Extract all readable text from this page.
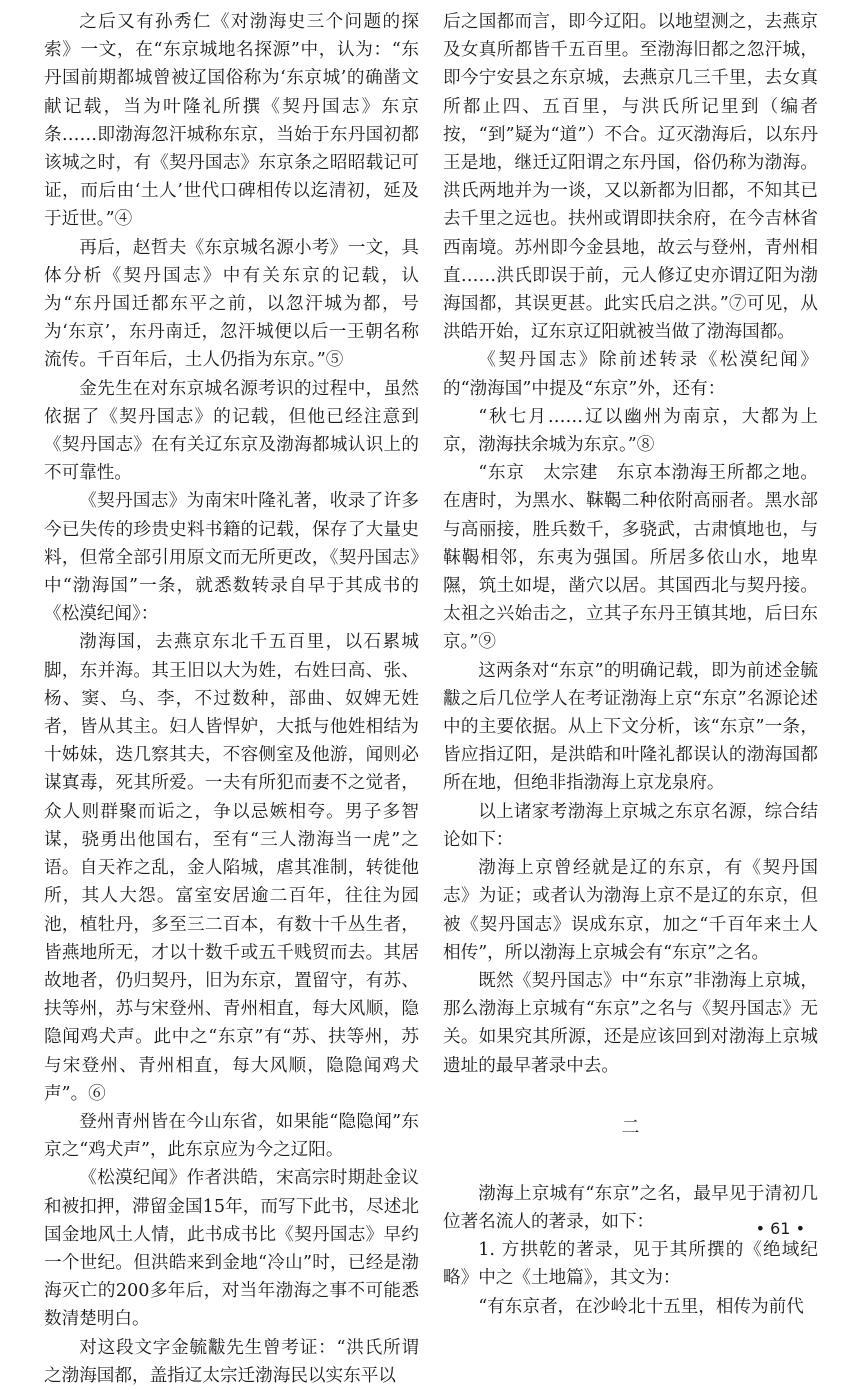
之后又有孙秀仁《对渤海史三个问题的探索》一文，在“东京城地名探源”中，认为：“东丹国前期都城曾被辽国俗称为‘东京城’的确凿文献记载，当为叶隆礼所撰《契丹国志》东京条……即渤海忽汗城称东京，当始于东丹国初都该城之时，有《契丹国志》东京条之昭昭载记可证，而后由‘土人’世代口碑相传以迄清初，延及于近世。”④

再后，赵哲夫《东京城名源小考》一文，具体分析《契丹国志》中有关东京的记载，认为“东丹国迁都东平之前，以忽汗城为都，号为‘东京’，东丹南迁，忽汗城便以后一王朝名称流传。千百年后，土人仍指为东京。”⑤

金先生在对东京城名源考识的过程中，虽然依据了《契丹国志》的记载，但他已经注意到《契丹国志》在有关辽东京及渤海都城认识上的不可靠性。

《契丹国志》为南宋叶隆礼著，收录了许多今已失传的珍贵史料书籍的记载，保存了大量史料，但常全部引用原文而无所更改，《契丹国志》中“渤海国”一条，就悉数转录自早于其成书的《松漠纪闻》：

渤海国，去燕京东北千五百里，以石累城脚，东并海。其王旧以大为姓，右姓曰高、张、杨、窦、乌、李，不过数种，部曲、奴婢无姓者，皆从其主。妇人皆悍妒，大抵与他姓相结为十姊妹，迭几察其夫，不容侧室及他游，闻则必谋寘毒，死其所爱。一夫有所犯而妻不之觉者，众人则群聚而诟之，争以忌嫉相夸。男子多智谋，骁勇出他国右，至有“三人渤海当一虎”之语。自天祚之乱，金人陷城，虐其准制，转徙他所，其人大怨。富室安居逾二百年，往往为园池，植牡丹，多至三二百本，有数十千丛生者，皆燕地所无，才以十数千或五千贱贸而去。其居故地者，仍归契丹，旧为东京，置留守，有苏、扶等州，苏与宋登州、青州相直，每大风顺，隐隐闻鸡犬声。此中之“东京”有“苏、扶等州，苏与宋登州、青州相直，每大风顺，隐隐闻鸡犬声”。⑥

登州青州皆在今山东省，如果能“隐隐闻”东京之“鸡犬声”，此东京应为今之辽阳。

《松漠纪闻》作者洪皓，宋高宗时期赴金议和被扣押，滞留金国15年，而写下此书，尽述北国金地风土人情，此书成书比《契丹国志》早约一个世纪。但洪皓来到金地“冷山”时，已经是渤海灭亡的200多年后，对当年渤海之事不可能悉数清楚明白。

对这段文字金毓黻先生曾考证：“洪氏所谓之渤海国都，盖指辽太宗迁渤海民以实东平以

后之国都而言，即今辽阳。以地望测之，去燕京及女真所都皆千五百里。至渤海旧都之忽汗城，即今宁安县之东京城，去燕京几三千里，去女真所都止四、五百里，与洪氏所记里到（编者按，“到”疑为“道”）不合。辽灭渤海后，以东丹王是地，继迁辽阳谓之东丹国，俗仍称为渤海。洪氏两地并为一谈，又以新都为旧都，不知其已去千里之远也。扶州或谓即扶余府，在今吉林省西南境。苏州即今金县地，故云与登州，青州相直……洪氏即误于前，元人修辽史亦谓辽阳为渤海国都，其误更甚。此实氏启之洪。”⑦可见，从洪皓开始，辽东京辽阳就被当做了渤海国都。

《契丹国志》除前述转录《松漠纪闻》的“渤海国”中提及“东京”外，还有：

“秋七月……辽以幽州为南京，大都为上京，渤海扶余城为东京。”⑧

“东京　太宗建　东京本渤海王所都之地。在唐时，为黑水、靺鞨二种依附高丽者。黑水部与高丽接，胜兵数千，多骁武，古肃慎地也，与靺鞨相邻，东夷为强国。所居多依山水，地卑隰，筑土如堤，凿穴以居。其国西北与契丹接。太祖之兴始击之，立其子东丹王镇其地，后曰东京。”⑨

这两条对“东京”的明确记载，即为前述金毓黻之后几位学人在考证渤海上京“东京”名源论述中的主要依据。从上下文分析，该“东京”一条，皆应指辽阳，是洪皓和叶隆礼都误认的渤海国都所在地，但绝非指渤海上京龙泉府。

以上诸家考渤海上京城之东京名源，综合结论如下：

渤海上京曾经就是辽的东京，有《契丹国志》为证；或者认为渤海上京不是辽的东京，但被《契丹国志》误成东京，加之“千百年来土人相传”，所以渤海上京城会有“东京”之名。

既然《契丹国志》中“东京”非渤海上京城，那么渤海上京城有“东京”之名与《契丹国志》无关。如果究其所源，还是应该回到对渤海上京城遗址的最早著录中去。

二

渤海上京城有“东京”之名，最早见于清初几位著名流人的著录，如下：

1. 方拱乾的著录，见于其所撰的《绝域纪略》中之《土地篇》，其文为：

“有东京者，在沙岭北十五里，相传为前代

• 61 •
